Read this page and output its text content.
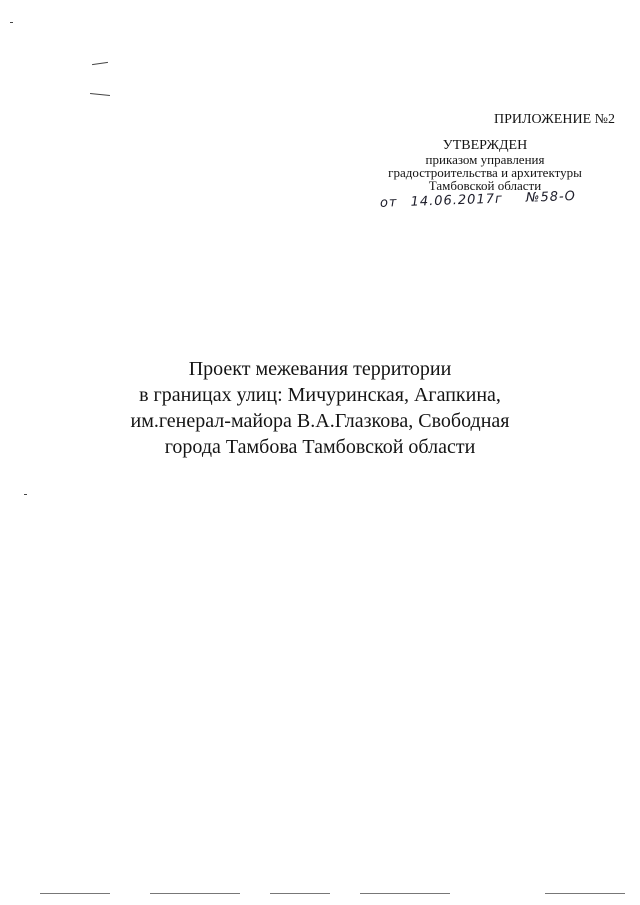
ПРИЛОЖЕНИЕ №2
УТВЕРЖДЕН
приказом управления
градостроительства и архитектуры
Тамбовской области
от 14.06.2017г №58-О
Проект межевания территории
в границах улиц: Мичуринская, Агапкина,
им.генерал-майора В.А.Глазкова, Свободная
города Тамбова Тамбовской области
